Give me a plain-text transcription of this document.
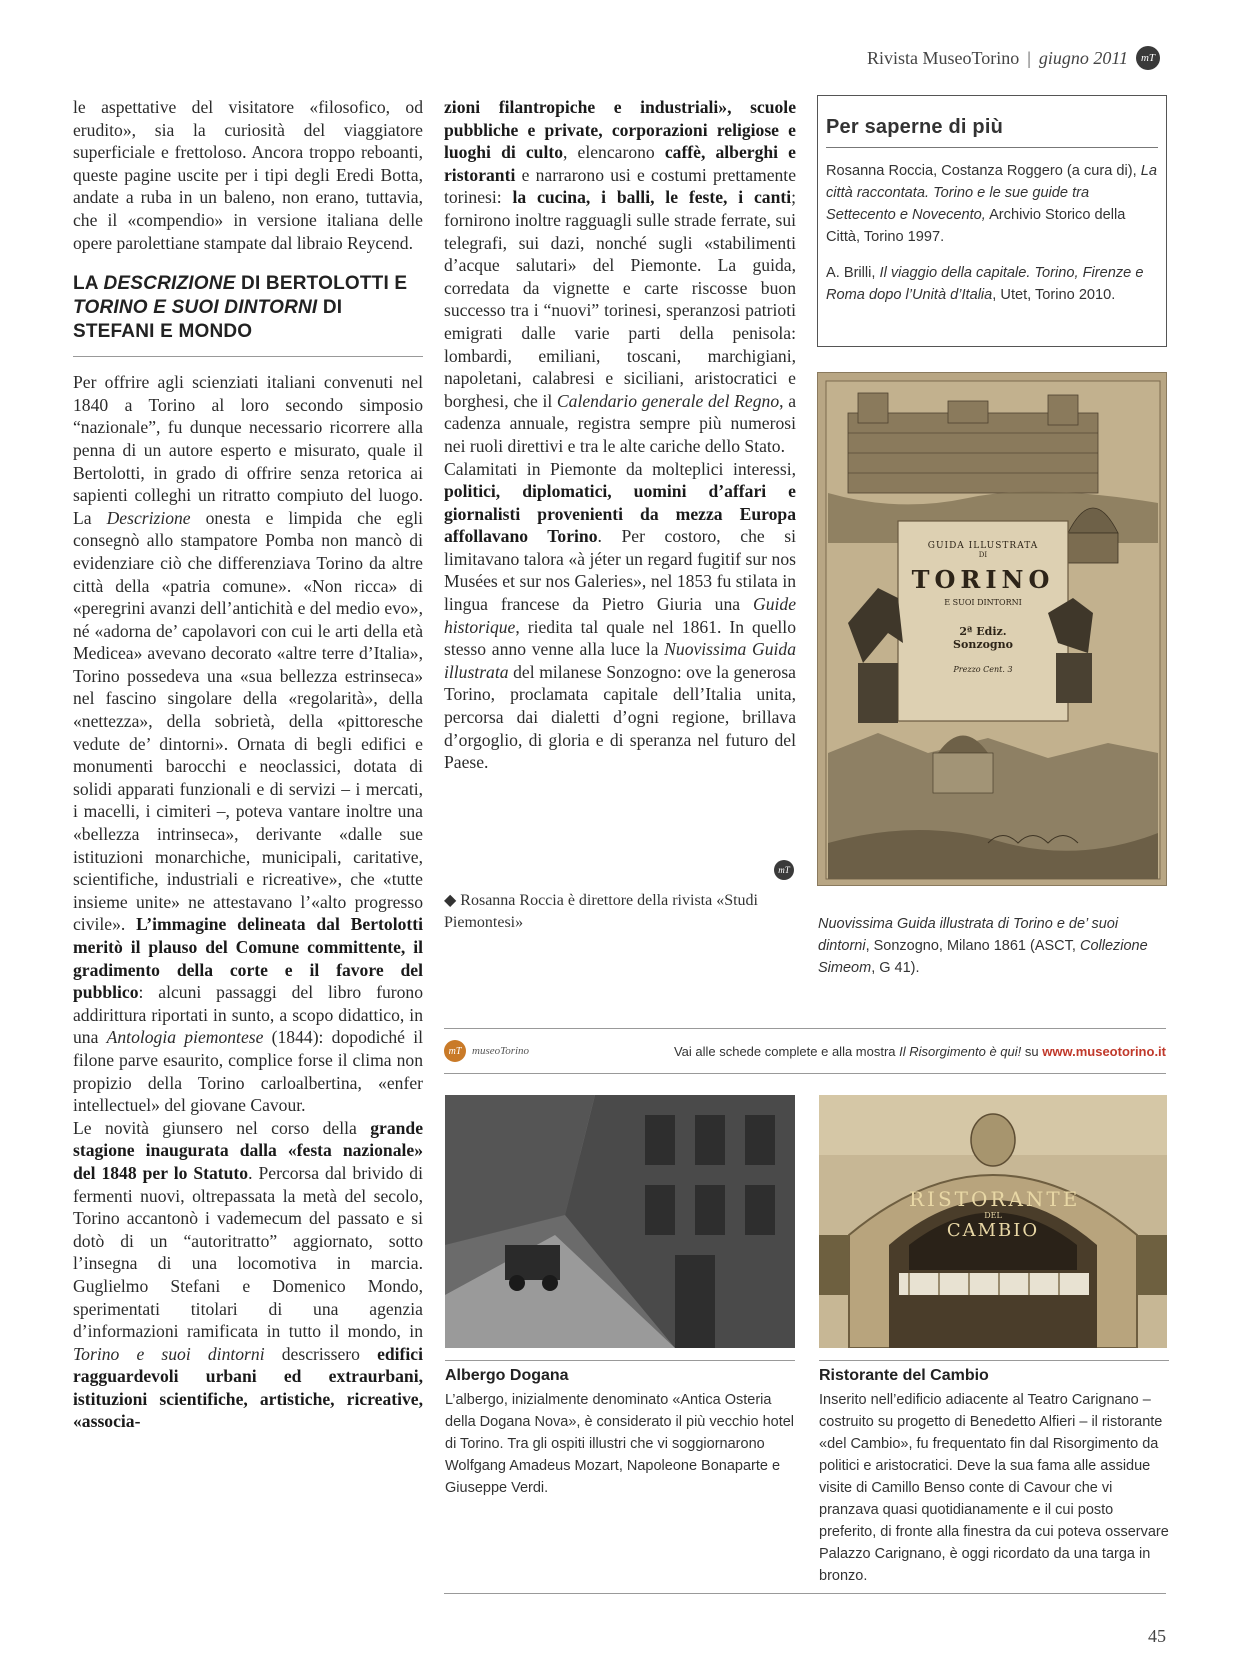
Rivista MuseoTorino | giugno 2011	mT

le aspettative del visitatore «filosofico, od erudito», sia la curiosità del viaggiatore superficiale e frettoloso. Ancora troppo reboanti, queste pagine uscite per i tipi degli Eredi Botta, andate a ruba in un baleno, non erano, tuttavia, che il «compendio» in versione italiana delle opere parolettiane stampate dal libraio Reycend.

LA DESCRIZIONE DI BERTOLOTTI E TORINO E SUOI DINTORNI DI STEFANI E MONDO

Per offrire agli scienziati italiani convenuti nel 1840 a Torino al loro secondo simposio “nazionale”, fu dunque necessario ricorrere alla penna di un autore esperto e misurato, quale il Bertolotti, in grado di offrire senza retorica ai sapienti colleghi un ritratto compiuto del luogo. La Descrizione onesta e limpida che egli consegnò allo stampatore Pomba non mancò di evidenziare ciò che differenziava Torino da altre città della «patria comune». «Non ricca» di «peregrini avanzi dell’antichità e del medio evo», né «adorna de’ capolavori con cui le arti della età Medicea» avevano decorato «altre terre d’Italia», Torino possedeva una «sua bellezza estrinseca» nel fascino singolare della «regolarità», della «nettezza», della sobrietà, della «pittoresche vedute de’ dintorni». Ornata di begli edifici e monumenti barocchi e neoclassici, dotata di solidi apparati funzionali e di servizi – i mercati, i macelli, i cimiteri –, poteva vantare inoltre una «bellezza intrinseca», derivante «dalle sue istituzioni monarchiche, municipali, caritative, scientifiche, industriali e ricreative», che «tutte insieme unite» ne attestavano l’«alto progresso civile». L’immagine delineata dal Bertolotti meritò il plauso del Comune committente, il gradimento della corte e il favore del pubblico: alcuni passaggi del libro furono addirittura riportati in sunto, a scopo didattico, in una Antologia piemontese (1844): dopodiché il filone parve esaurito, complice forse il clima non propizio della Torino carloalbertina, «enfer intellectuel» del giovane Cavour.

Le novità giunsero nel corso della grande stagione inaugurata dalla «festa nazionale» del 1848 per lo Statuto. Percorsa dal brivido di fermenti nuovi, oltrepassata la metà del secolo, Torino accantonò i vademecum del passato e si dotò di un “autoritratto” aggiornato, sotto l’insegna di una locomotiva in marcia. Guglielmo Stefani e Domenico Mondo, sperimentati titolari di una agenzia d’informazioni ramificata in tutto il mondo, in Torino e suoi dintorni descrissero edifici ragguardevoli urbani ed extraurbani, istituzioni scientifiche, artistiche, ricreative, «associa-

zioni filantropiche e industriali», scuole pubbliche e private, corporazioni religiose e luoghi di culto, elencarono caffè, alberghi e ristoranti e narrarono usi e costumi prettamente torinesi: la cucina, i balli, le feste, i canti; fornirono inoltre ragguagli sulle strade ferrate, sui telegrafi, sui dazi, nonché sugli «stabilimenti d’acque salutari» del Piemonte. La guida, corredata da vignette e carte riscosse buon successo tra i “nuovi” torinesi, speranzosi patrioti emigrati dalle varie parti della penisola: lombardi, emiliani, toscani, marchigiani, napoletani, calabresi e siciliani, aristocratici e borghesi, che il Calendario generale del Regno, a cadenza annuale, registra sempre più numerosi nei ruoli direttivi e tra le alte cariche dello Stato.

Calamitati in Piemonte da molteplici interessi, politici, diplomatici, uomini d’affari e giornalisti provenienti da mezza Europa affollavano Torino. Per costoro, che si limitavano talora «à jéter un regard fugitif sur nos Musées et sur nos Galeries», nel 1853 fu stilata in lingua francese da Pietro Giuria una Guide historique, riedita tal quale nel 1861. In quello stesso anno venne alla luce la Nuovissima Guida illustrata del milanese Sonzogno: ove la generosa Torino, proclamata capitale dell’Italia unita, percorsa dai dialetti d’ogni regione, brillava d’orgoglio, di gloria e di speranza nel futuro del Paese.

mT
◆ Rosanna Roccia è direttore della rivista «Studi Piemontesi»
Per saperne di più

Rosanna Roccia, Costanza Roggero (a cura di), La città raccontata. Torino e le sue guide tra Settecento e Novecento, Archivio Storico della Città, Torino 1997.

A. Brilli, Il viaggio della capitale. Torino, Firenze e Roma dopo l’Unità d’Italia, Utet, Torino 2010.

GUIDA ILLUSTRATA
DI
TORINO
E SUOI DINTORNI
2ª Ediz.
Sonzogno
Prezzo Cent. 3
Nuovissima Guida illustrata di Torino e de’ suoi dintorni, Sonzogno, Milano 1861 (ASCT, Collezione Simeom, G 41).
mT museoTorino	Vai alle schede complete e alla mostra Il Risorgimento è qui! su www.museotorino.it
Albergo Dogana
L’albergo, inizialmente denominato «Antica Osteria della Dogana Nova», è considerato il più vecchio hotel di Torino. Tra gli ospiti illustri che vi soggiornarono Wolfgang Amadeus Mozart, Napoleone Bonaparte e Giuseppe Verdi.
RISTORANTE
DEL
CAMBIO
Ristorante del Cambio
Inserito nell’edificio adiacente al Teatro Carignano – costruito su progetto di Benedetto Alfieri – il ristorante «del Cambio», fu frequentato fin dal Risorgimento da politici e aristocratici. Deve la sua fama alle assidue visite di Camillo Benso conte di Cavour che vi pranzava quasi quotidianamente e il cui posto preferito, di fronte alla finestra da cui poteva osservare Palazzo Carignano, è oggi ricordato da una targa in bronzo.
45
